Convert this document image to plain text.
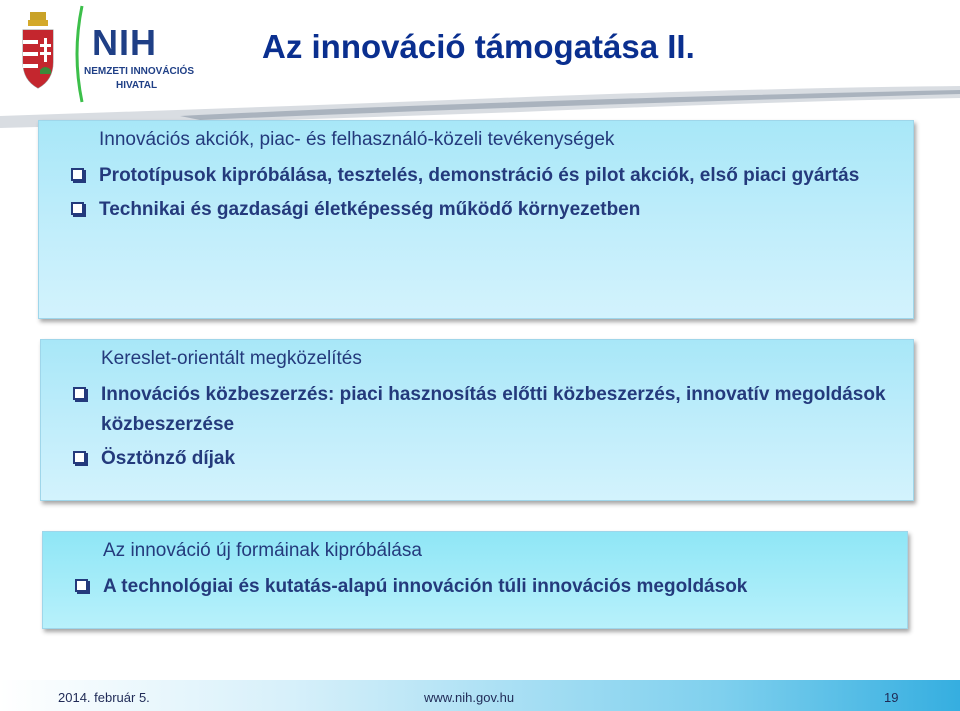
NIH
NEMZETI INNOVÁCIÓS
HIVATAL
Az innováció támogatása II.
Innovációs akciók, piac- és felhasználó-közeli tevékenységek
Prototípusok kipróbálása, tesztelés, demonstráció és pilot akciók, első piaci gyártás
Technikai és gazdasági életképesség működő környezetben
Kereslet-orientált megközelítés
Innovációs közbeszerzés: piaci hasznosítás előtti közbeszerzés, innovatív megoldások közbeszerzése
Ösztönző díjak
Az innováció új formáinak kipróbálása
A technológiai és kutatás-alapú innováción túli innovációs megoldások
2014. február 5.	www.nih.gov.hu	19
